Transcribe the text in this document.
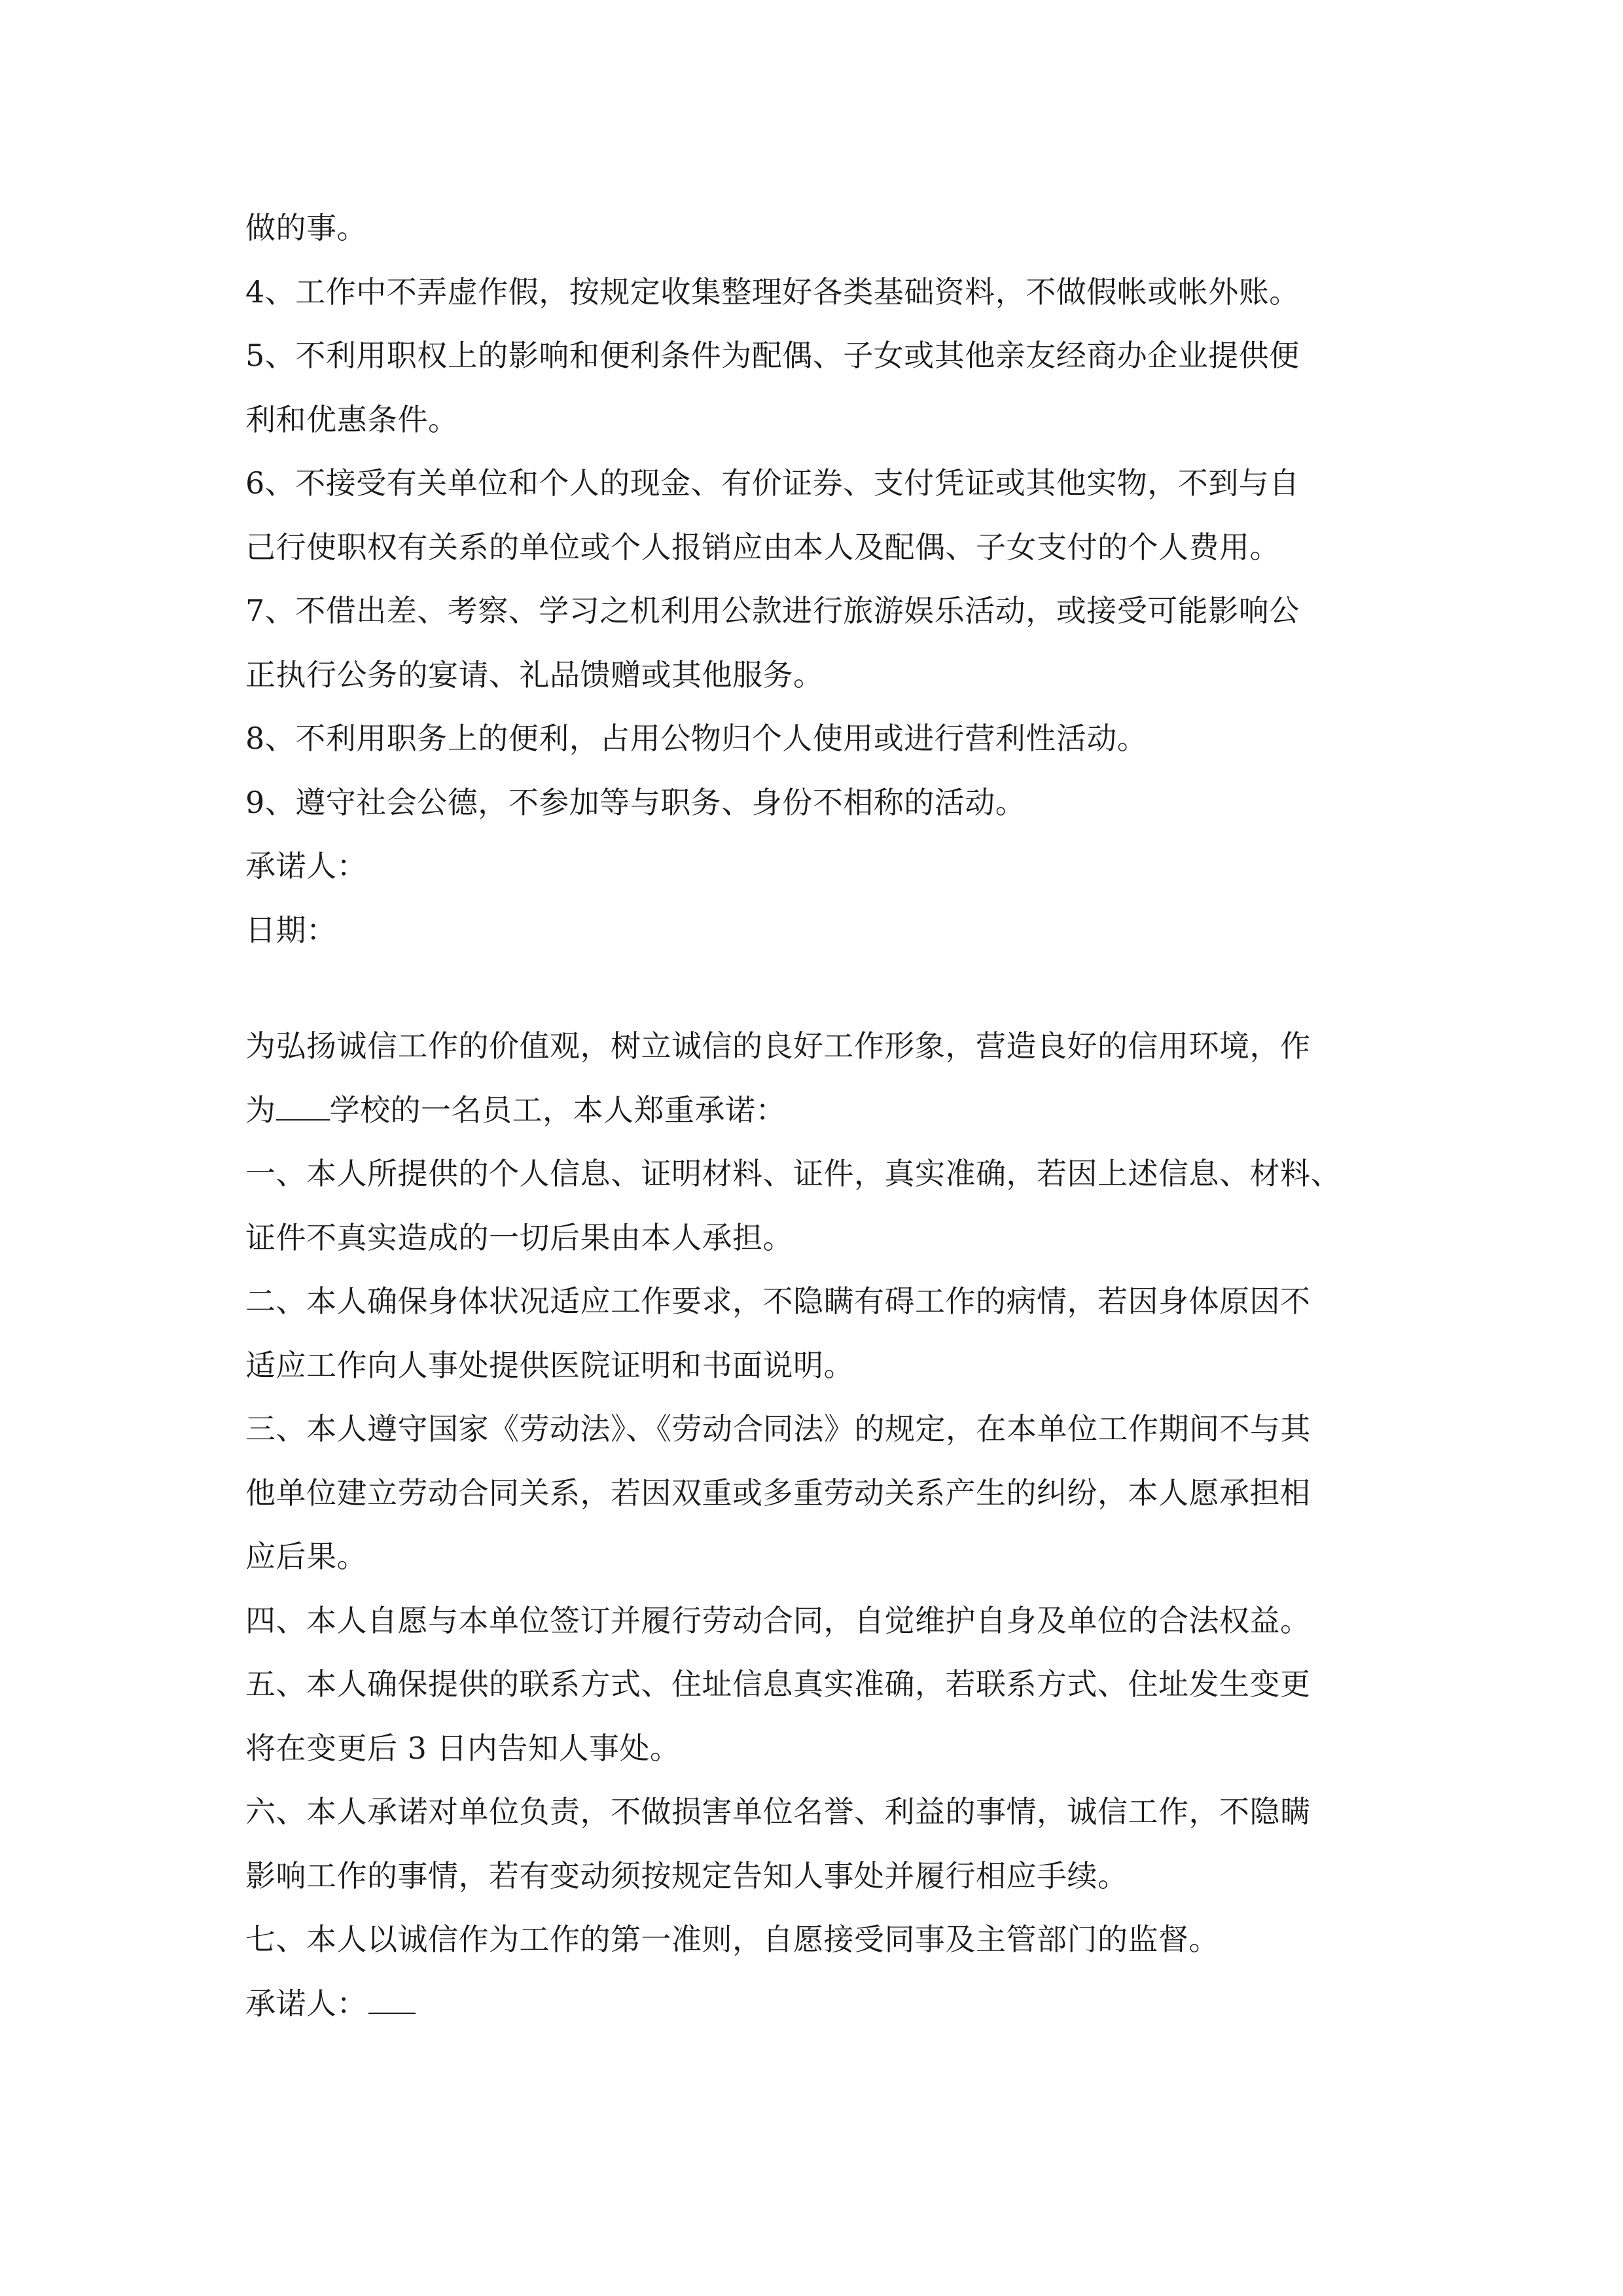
做的事。

4、工作中不弄虚作假，按规定收集整理好各类基础资料，不做假帐或帐外账。

5、不利用职权上的影响和便利条件为配偶、子女或其他亲友经商办企业提供便

利和优惠条件。

6、不接受有关单位和个人的现金、有价证券、支付凭证或其他实物，不到与自

己行使职权有关系的单位或个人报销应由本人及配偶、子女支付的个人费用。

7、不借出差、考察、学习之机利用公款进行旅游娱乐活动，或接受可能影响公

正执行公务的宴请、礼品馈赠或其他服务。

8、不利用职务上的便利，占用公物归个人使用或进行营利性活动。

9、遵守社会公德，不参加等与职务、身份不相称的活动。

承诺人：

日期：

为弘扬诚信工作的价值观，树立诚信的良好工作形象，营造良好的信用环境，作

为 学校的一名员工，本人郑重承诺：

一、本人所提供的个人信息、证明材料、证件，真实准确，若因上述信息、材料、

证件不真实造成的一切后果由本人承担。

二、本人确保身体状况适应工作要求，不隐瞒有碍工作的病情，若因身体原因不

适应工作向人事处提供医院证明和书面说明。

三、本人遵守国家《劳动法》、《劳动合同法》的规定，在本单位工作期间不与其

他单位建立劳动合同关系，若因双重或多重劳动关系产生的纠纷，本人愿承担相

应后果。

四、本人自愿与本单位签订并履行劳动合同，自觉维护自身及单位的合法权益。

五、本人确保提供的联系方式、住址信息真实准确，若联系方式、住址发生变更

将在变更后 3 日内告知人事处。

六、本人承诺对单位负责，不做损害单位名誉、利益的事情，诚信工作，不隐瞒

影响工作的事情，若有变动须按规定告知人事处并履行相应手续。

七、本人以诚信作为工作的第一准则，自愿接受同事及主管部门的监督。

承诺人：
